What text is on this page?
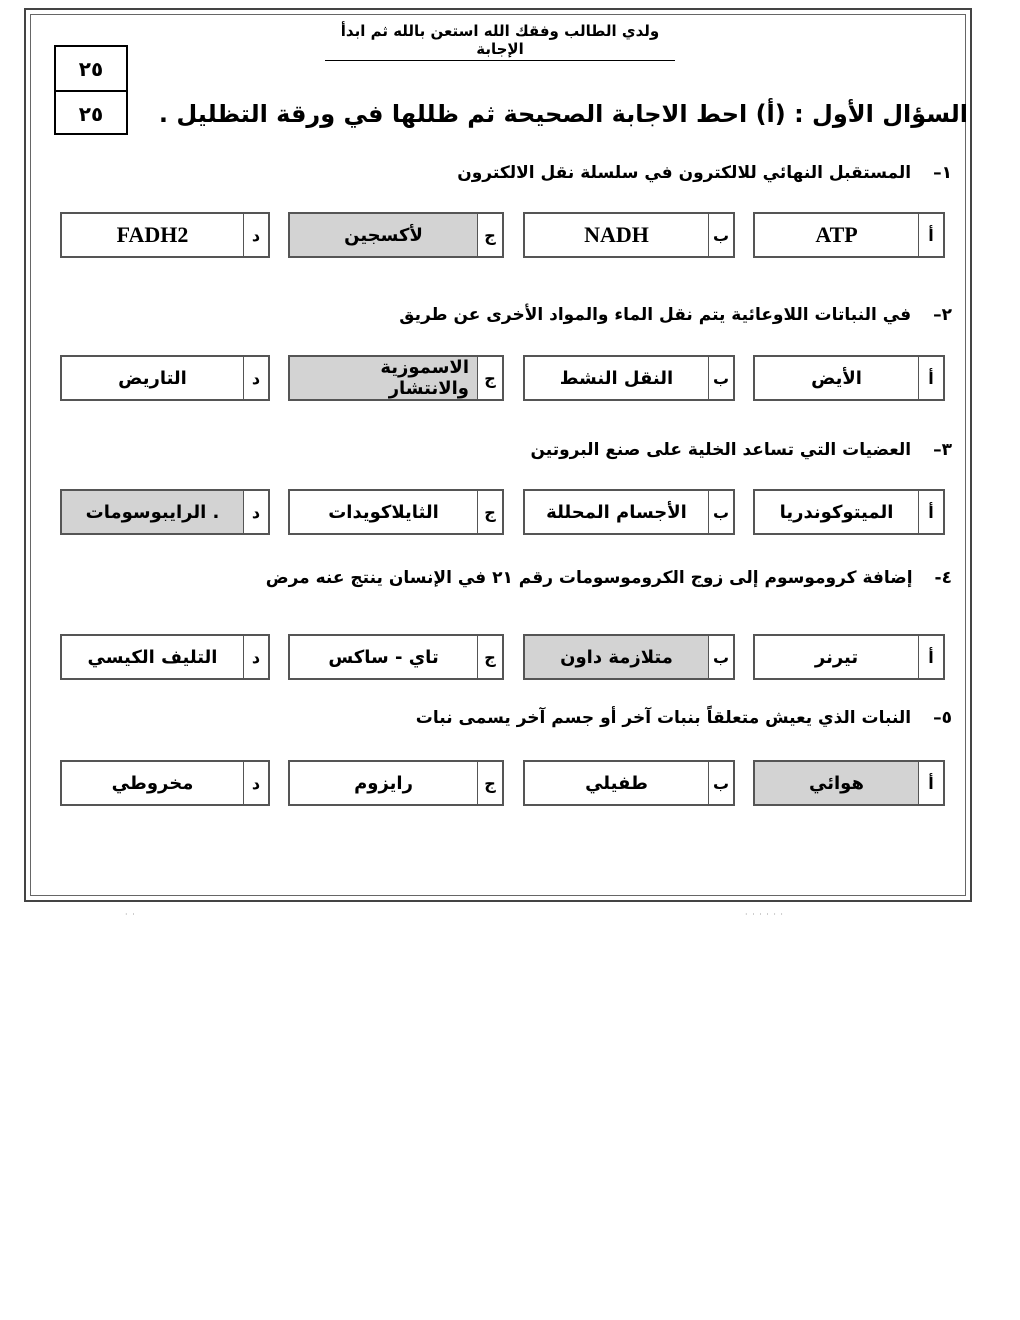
ولدي الطالب وفقك الله استعن بالله ثم ابدأ الإجابة
٢٥
٢٥	السؤال الأول : (أ) احط الاجابة الصحيحة ثم ظللها في ورقة التظليل .
١–المستقبل النهائي للالكترون في سلسلة نقل الالكترون
أ
ATP
ب
NADH
ج
لأكسجين
د
FADH2
٢–في النباتات اللاوعائية يتم نقل الماء والمواد الأخرى عن طريق
أ
الأيض
ب
النقل النشط
ج
الاسموزية والانتشار
د
التاريض
٣–العضيات التي تساعد الخلية على صنع البروتين
أ
الميتوكوندريا
ب
الأجسام المحللة
ج
الثايلاكويدات
د
. الرايبوسومات
٤-إضافة كروموسوم إلى زوج الكروموسومات رقم ٢١ في الإنسان ينتج عنه مرض
أ
تيرنر
ب
متلازمة داون
ج
تاي - ساكس
د
التليف الكيسي
٥–النبات الذي يعيش متعلقاً بنبات آخر أو جسم آخر يسمى نبات
أ
هوائي
ب
طفيلي
ج
رايزوم
د
مخروطي
· ·	· · · · · ·
